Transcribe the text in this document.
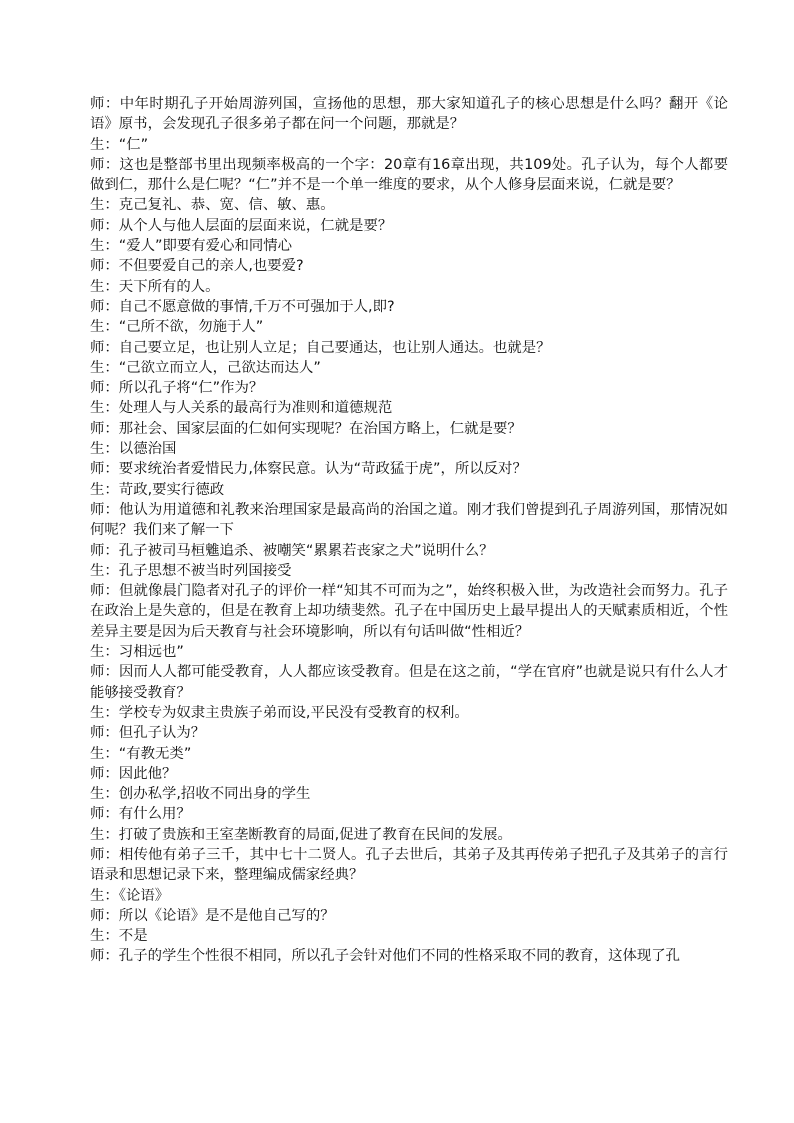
师：中年时期孔子开始周游列国，宣扬他的思想，那大家知道孔子的核心思想是什么吗？翻开《论语》原书，会发现孔子很多弟子都在问一个问题，那就是？
生：“仁”
师：这也是整部书里出现频率极高的一个字：20章有16章出现，共109处。孔子认为，每个人都要做到仁，那什么是仁呢？“仁”并不是一个单一维度的要求，从个人修身层面来说，仁就是要？
生：克己复礼、恭、宽、信、敏、惠。
师：从个人与他人层面的层面来说，仁就是要？
生：“爱人”即要有爱心和同情心
师：不但要爱自己的亲人,也要爱?
生：天下所有的人。
师：自己不愿意做的事情,千万不可强加于人,即?
生：“己所不欲，勿施于人”
师：自己要立足，也让别人立足；自己要通达，也让别人通达。也就是？
生：“己欲立而立人，己欲达而达人”
师：所以孔子将“仁”作为？
生：处理人与人关系的最高行为准则和道德规范
师：那社会、国家层面的仁如何实现呢？在治国方略上，仁就是要？
生：以德治国
师：要求统治者爱惜民力,体察民意。认为“苛政猛于虎”，所以反对？
生：苛政,要实行德政
师：他认为用道德和礼教来治理国家是最高尚的治国之道。刚才我们曾提到孔子周游列国，那情况如何呢？我们来了解一下
师：孔子被司马桓魋追杀、被嘲笑“累累若丧家之犬”说明什么？
生：孔子思想不被当时列国接受
师：但就像晨门隐者对孔子的评价一样“知其不可而为之”，始终积极入世，为改造社会而努力。孔子在政治上是失意的，但是在教育上却功绩斐然。孔子在中国历史上最早提出人的天赋素质相近，个性差异主要是因为后天教育与社会环境影响，所以有句话叫做“性相近？
生：习相远也”
师：因而人人都可能受教育，人人都应该受教育。但是在这之前，“学在官府”也就是说只有什么人才能够接受教育？
生：学校专为奴隶主贵族子弟而设,平民没有受教育的权利。
师：但孔子认为？
生：“有教无类”
师：因此他？
生：创办私学,招收不同出身的学生
师：有什么用？
生：打破了贵族和王室垄断教育的局面,促进了教育在民间的发展。
师：相传他有弟子三千，其中七十二贤人。孔子去世后，其弟子及其再传弟子把孔子及其弟子的言行语录和思想记录下来，整理编成儒家经典？
生：《论语》
师：所以《论语》是不是他自己写的？
生：不是
师：孔子的学生个性很不相同，所以孔子会针对他们不同的性格采取不同的教育，这体现了孔
